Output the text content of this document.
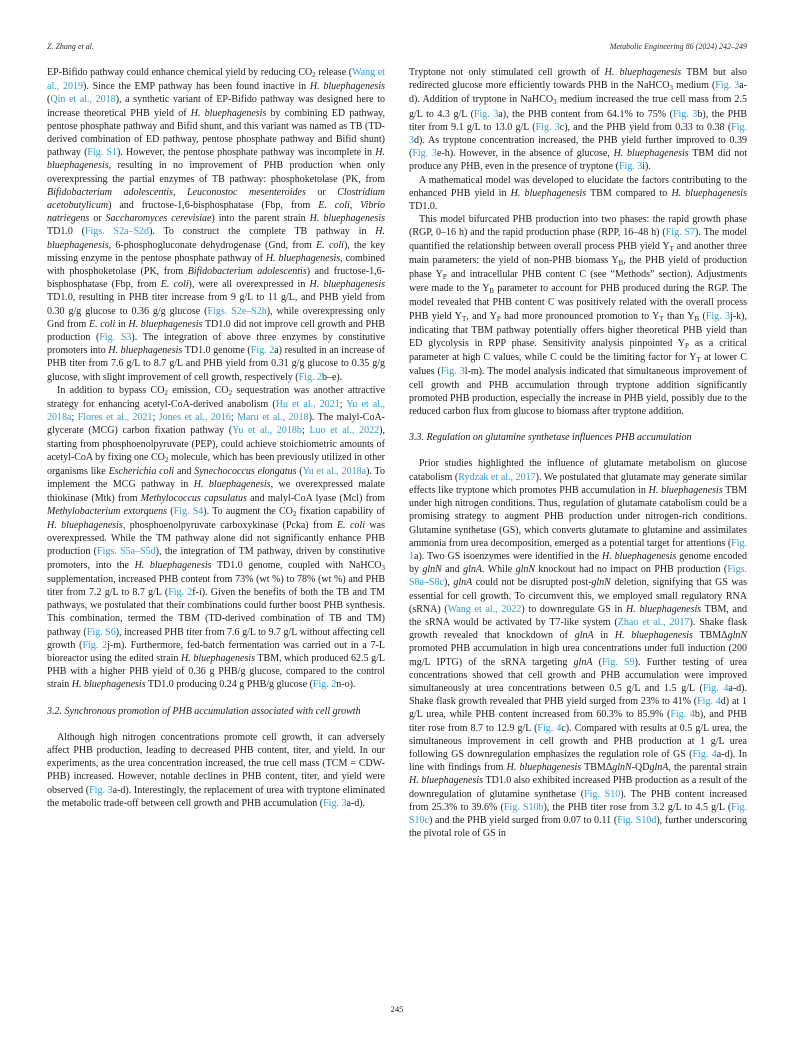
Z. Zhang et al.	Metabolic Engineering 86 (2024) 242–249

EP-Bifido pathway could enhance chemical yield by reducing $CO_2$ release (Wang et al., 2019). Since the EMP pathway has been found inactive in H. bluephagenesis (Qin et al., 2018), a synthetic variant of EP-Bifido pathway was designed here to increase theoretical PHB yield of H. bluephagenesis by combining ED pathway, pentose phosphate pathway and Bifid shunt, and this variant was named as TB (TD-derived combination of ED pathway, pentose phosphate pathway and Bifid shunt) pathway (Fig. S1). However, the pentose phosphate pathway was incomplete in H. bluephagenesis, resulting in no improvement of PHB production when only overexpressing the partial enzymes of TB pathway: phosphoketolase (PK, from Bifidobacterium adolescentis, Leuconostoc mesenteroides or Clostridium acetobutylicum) and fructose-1,6-bisphosphatase (Fbp, from E. coli, Vibrio natriegens or Saccharomyces cerevisiae) into the parent strain H. bluephagenesis TD1.0 (Figs. S2a–S2d). To construct the complete TB pathway in H. bluephagenesis, 6-phosphogluconate dehydrogenase (Gnd, from E. coli), the key missing enzyme in the pentose phosphate pathway of H. bluephagenesis, combined with phosphoketolase (PK, from Bifidobacterium adolescentis) and fructose-1,6-bisphosphatase (Fbp, from E. coli), were all overexpressed in H. bluephagenesis TD1.0, resulting in PHB titer increase from 9 g/L to 11 g/L, and PHB yield from 0.30 g/g glucose to 0.36 g/g glucose (Figs. S2e–S2h), while overexpressing only Gnd from E. coli in H. bluephagenesis TD1.0 did not improve cell growth and PHB production (Fig. S3). The integration of above three enzymes by constitutive promoters into H. bluephagenesis TD1.0 genome (Fig. 2a) resulted in an increase of PHB titer from 7.6 g/L to 8.7 g/L and PHB yield from 0.31 g/g glucose to 0.35 g/g glucose, with slight improvement of cell growth, respectively (Fig. 2b–e).

In addition to bypass $CO_2$ emission, $CO_2$ sequestration was another attractive strategy for enhancing acetyl-CoA-derived anabolism (Hu et al., 2021; Yu et al., 2018a; Flores et al., 2021; Jones et al., 2016; Maru et al., 2018). The malyl-CoA-glycerate (MCG) carbon fixation pathway (Yu et al., 2018b; Luo et al., 2022), starting from phosphoenolpyruvate (PEP), could achieve stoichiometric amounts of acetyl-CoA by fixing one $CO_2$ molecule, which has been previously utilized in other organisms like Escherichia coli and Synechococcus elongatus (Yu et al., 2018a). To implement the MCG pathway in H. bluephagenesis, we overexpressed malate thiokinase (Mtk) from Methylococcus capsulatus and malyl-CoA lyase (Mcl) from Methylobacterium extorquens (Fig. S4). To augment the $CO_2$ fixation capability of H. bluephagenesis, phosphoenolpyruvate carboxykinase (Pcka) from E. coli was overexpressed. While the TM pathway alone did not significantly enhance PHB production (Figs. S5a–S5d), the integration of TM pathway, driven by constitutive promoters, into the H. bluephagenesis TD1.0 genome, coupled with NaHCO$_3$ supplementation, increased PHB content from 73% (wt %) to 78% (wt %) and PHB titer from 7.2 g/L to 8.7 g/L (Fig. 2f-i). Given the benefits of both the TB and TM pathways, we postulated that their combinations could further boost PHB synthesis. This combination, termed the TBM (TD-derived combination of TB and TM) pathway (Fig. S6), increased PHB titer from 7.6 g/L to 9.7 g/L without affecting cell growth (Fig. 2j-m). Furthermore, fed-batch fermentation was carried out in a 7-L bioreactor using the edited strain H. bluephagenesis TBM, which produced 62.5 g/L PHB with a higher PHB yield of 0.36 g PHB/g glucose, compared to the control strain H. bluephagenesis TD1.0 producing 0.24 g PHB/g glucose (Fig. 2n-o).

3.2. Synchronous promotion of PHB accumulation associated with cell growth

Although high nitrogen concentrations promote cell growth, it can adversely affect PHB production, leading to decreased PHB content, titer, and yield. In our experiments, as the urea concentration increased, the true cell mass (TCM = CDW-PHB) increased. However, notable declines in PHB content, titer, and yield were observed (Fig. 3a-d). Interestingly, the replacement of urea with tryptone eliminated the metabolic trade-off between cell growth and PHB accumulation (Fig. 3a-d).

Tryptone not only stimulated cell growth of H. bluephagenesis TBM but also redirected glucose more efficiently towards PHB in the NaHCO$_3$ medium (Fig. 3a-d). Addition of tryptone in NaHCO$_3$ medium increased the true cell mass from 2.5 g/L to 4.3 g/L (Fig. 3a), the PHB content from 64.1% to 75% (Fig. 3b), the PHB titer from 9.1 g/L to 13.0 g/L (Fig. 3c), and the PHB yield from 0.33 to 0.38 (Fig. 3d). As tryptone concentration increased, the PHB yield further improved to 0.39 (Fig. 3e-h). However, in the absence of glucose, H. bluephagenesis TBM did not produce any PHB, even in the presence of tryptone (Fig. 3i).

A mathematical model was developed to elucidate the factors contributing to the enhanced PHB yield in H. bluephagenesis TBM compared to H. bluephagenesis TD1.0.

This model bifurcated PHB production into two phases: the rapid growth phase (RGP, 0–16 h) and the rapid production phase (RPP, 16–48 h) (Fig. S7). The model quantified the relationship between overall process PHB yield $Y_T$ and another three main parameters: the yield of non-PHB biomass $Y_B$, the PHB yield of production phase $Y_P$ and intracellular PHB content C (see “Methods” section). Adjustments were made to the $Y_B$ parameter to account for PHB produced during the RGP. The model revealed that PHB content C was positively related with the overall process PHB yield $Y_T$, and $Y_P$ had more pronounced promotion to $Y_T$ than $Y_B$ (Fig. 3j-k), indicating that TBM pathway potentially offers higher theoretical PHB yield than ED glycolysis in RPP phase. Sensitivity analysis pinpointed $Y_P$ as a critical parameter at high C values, while C could be the limiting factor for $Y_T$ at lower C values (Fig. 3l-m). The model analysis indicated that simultaneous improvement of cell growth and PHB accumulation through tryptone addition significantly promoted PHB production, especially the increase in PHB yield, possibly due to the reduced carbon flux from glucose to biomass after tryptone addition.

3.3. Regulation on glutamine synthetase influences PHB accumulation

Prior studies highlighted the influence of glutamate metabolism on glucose catabolism (Rydzak et al., 2017). We postulated that glutamate may generate similar effects like tryptone which promotes PHB accumulation in H. bluephagenesis TBM under high nitrogen conditions. Thus, regulation of glutamate catabolism could be a promising strategy to augment PHB production under nitrogen-rich conditions. Glutamine synthetase (GS), which converts glutamate to glutamine and assimilates ammonia from urea decomposition, emerged as a potential target for attentions (Fig. 1a). Two GS isoenzymes were identified in the H. bluephagenesis genome encoded by glnN and glnA. While glnN knockout had no impact on PHB production (Figs. S8a–S8c), glnA could not be disrupted post-glnN deletion, signifying that GS was essential for cell growth. To circumvent this, we employed small regulatory RNA (sRNA) (Wang et al., 2022) to downregulate GS in H. bluephagenesis TBM, and the sRNA would be activated by T7-like system (Zhao et al., 2017). Shake flask growth revealed that knockdown of glnA in H. bluephagenesis TBMΔglnN promoted PHB accumulation in high urea concentrations under full induction (200 mg/L IPTG) of the sRNA targeting glnA (Fig. S9). Further testing of urea concentrations showed that cell growth and PHB accumulation were improved simultaneously at urea concentrations between 0.5 g/L and 1.5 g/L (Fig. 4a-d). Shake flask growth revealed that PHB yield surged from 23% to 41% (Fig. 4d) at 1 g/L urea, while PHB content increased from 60.3% to 85.9% (Fig. 4b), and PHB titer rose from 8.7 to 12.9 g/L (Fig. 4c). Compared with results at 0.5 g/L urea, the simultaneous improvement in cell growth and PHB production at 1 g/L urea following GS downregulation emphasizes the regulation role of GS (Fig. 4a-d). In line with findings from H. bluephagenesis TBMΔglnN-QDglnA, the parental strain H. bluephagenesis TD1.0 also exhibited increased PHB production as a result of the downregulation of glutamine synthetase (Fig. S10). The PHB content increased from 25.3% to 39.6% (Fig. S10b), the PHB titer rose from 3.2 g/L to 4.5 g/L (Fig. S10c) and the PHB yield surged from 0.07 to 0.11 (Fig. S10d), further underscoring the pivotal role of GS in

245
